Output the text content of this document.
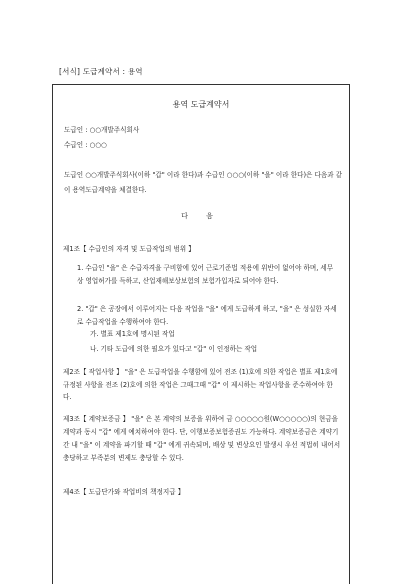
[서식] 도급계약서 : 용역
용역 도급계약서
도급인 : ○○개발주식회사
수급인 : ○○○
도급인 ○○개발주식회사(이하 "갑" 이라 한다)과 수급인 ○○○(이하 "을" 이라 한다)은 다음과 같이 용역도급계약을 체결한다.
다 음
제1조【 수급인의 자격 및 도급작업의 범위 】
1. 수급인 "을" 은 수급자격을 구비함에 있어 근로기준법 적용에 위반이 없어야 하며, 세무상 영업허가를 득하고, 산업재해보상보험의 보험가입자로 되어야 한다.
2. "갑" 은 공장에서 이루어지는 다음 작업을 "을" 에게 도급하게 하고, "을" 은 성실한 자세로 수급작업을 수행하여야 한다.
가. 별표 제1호에 명시된 작업
나. 기타 도급에 의한 필요가 있다고 "갑" 이 인정하는 작업
제2조【 작업사항 】 "을" 은 도급작업을 수행함에 있어 전조 (1)호에 의한 작업은 별표 제1호에 규정된 사항을 전조 (2)호에 의한 작업은 그때그때 "갑" 이 제시하는 작업사항을 준수하여야 한다.
제3조【 계약보증금 】 "을" 은 본 계약의 보증을 위하여 금 ○○○○○원(W○○○○○)의 현금을 계약과 동시 "갑" 에게 예치하여야 한다. 단, 이행보증보험증권도 가능하다. 계약보증금은 계약기간 내 "을" 이 계약을 파기할 때 "갑" 에게 귀속되며, 배상 및 변상요인 발생시 우선 적법히 내어서 충당하고 부족분의 변제도 충당할 수 있다.
제4조【 도급단가와 작업비의 책정지급 】
